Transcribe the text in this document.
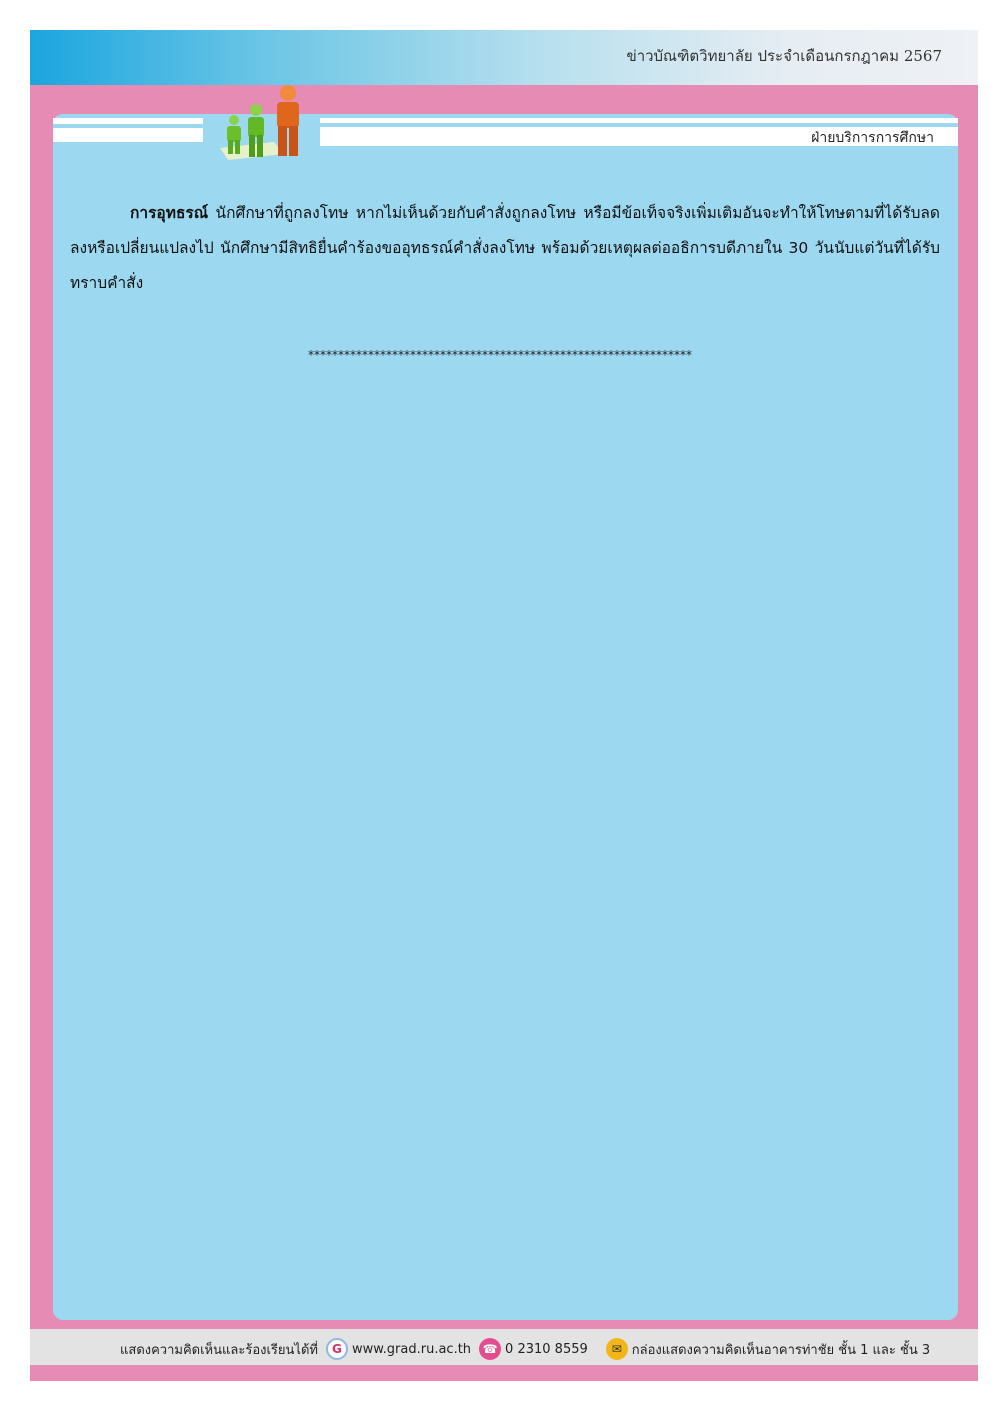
ข่าวบัณฑิตวิทยาลัย ประจำเดือนกรกฎาคม 2567
ฝ่ายบริการการศึกษา

การอุทธรณ์ นักศึกษาที่ถูกลงโทษ หากไม่เห็นด้วยกับคำสั่งถูกลงโทษ หรือมีข้อเท็จจริงเพิ่มเติมอันจะทำให้โทษตามที่ได้รับลดลงหรือเปลี่ยนแปลงไป นักศึกษามีสิทธิยื่นคำร้องขออุทธรณ์คำสั่งลงโทษ พร้อมด้วยเหตุผลต่ออธิการบดีภายใน 30 วันนับแต่วันที่ได้รับทราบคำสั่ง

****************************************************************
แสดงความคิดเห็นและร้องเรียนได้ที่	G www.grad.ru.ac.th ☎ 0 2310 8559	✉ กล่องแสดงความคิดเห็นอาคารท่าชัย ชั้น 1 และ ชั้น 3
